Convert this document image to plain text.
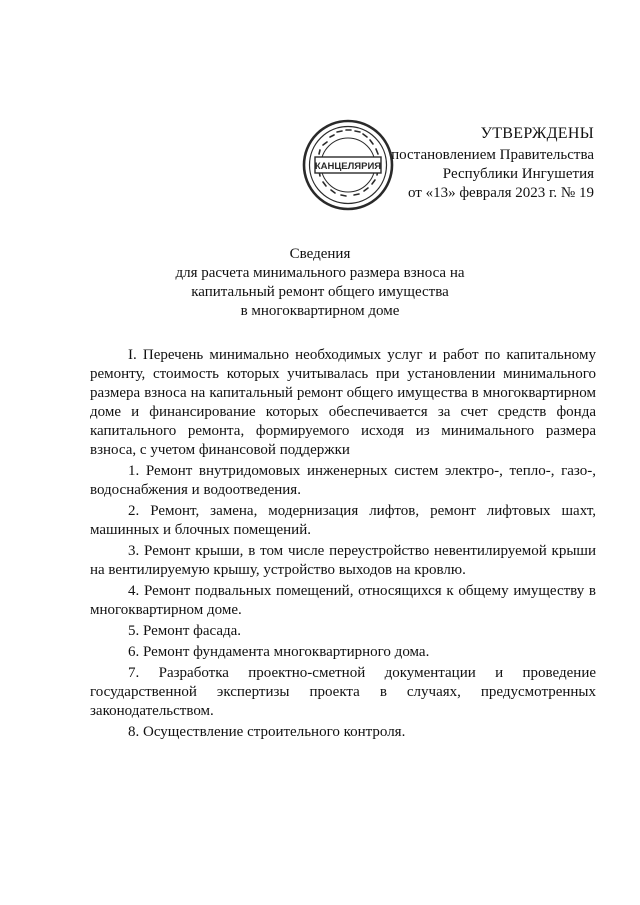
КАНЦЕЛЯРИЯ
УТВЕРЖДЕНЫ
постановлением Правительства
Республики Ингушетия
от «13» февраля 2023 г. № 19
Сведения
для расчета минимального размера взноса на
капитальный ремонт общего имущества
в многоквартирном доме

I. Перечень минимально необходимых услуг и работ по капитальному ремонту, стоимость которых учитывалась при установлении минимального размера взноса на капитальный ремонт общего имущества в многоквартирном доме и финансирование которых обеспечивается за счет средств фонда капитального ремонта, формируемого исходя из минимального размера взноса, с учетом финансовой поддержки

1. Ремонт внутридомовых инженерных систем электро-, тепло-, газо-, водоснабжения и водоотведения.

2. Ремонт, замена, модернизация лифтов, ремонт лифтовых шахт, машинных и блочных помещений.

3. Ремонт крыши, в том числе переустройство невентилируемой крыши на вентилируемую крышу, устройство выходов на кровлю.

4. Ремонт подвальных помещений, относящихся к общему имуществу в многоквартирном доме.

5. Ремонт фасада.

6. Ремонт фундамента многоквартирного дома.

7. Разработка проектно-сметной документации и проведение государственной экспертизы проекта в случаях, предусмотренных законодательством.

8. Осуществление строительного контроля.
